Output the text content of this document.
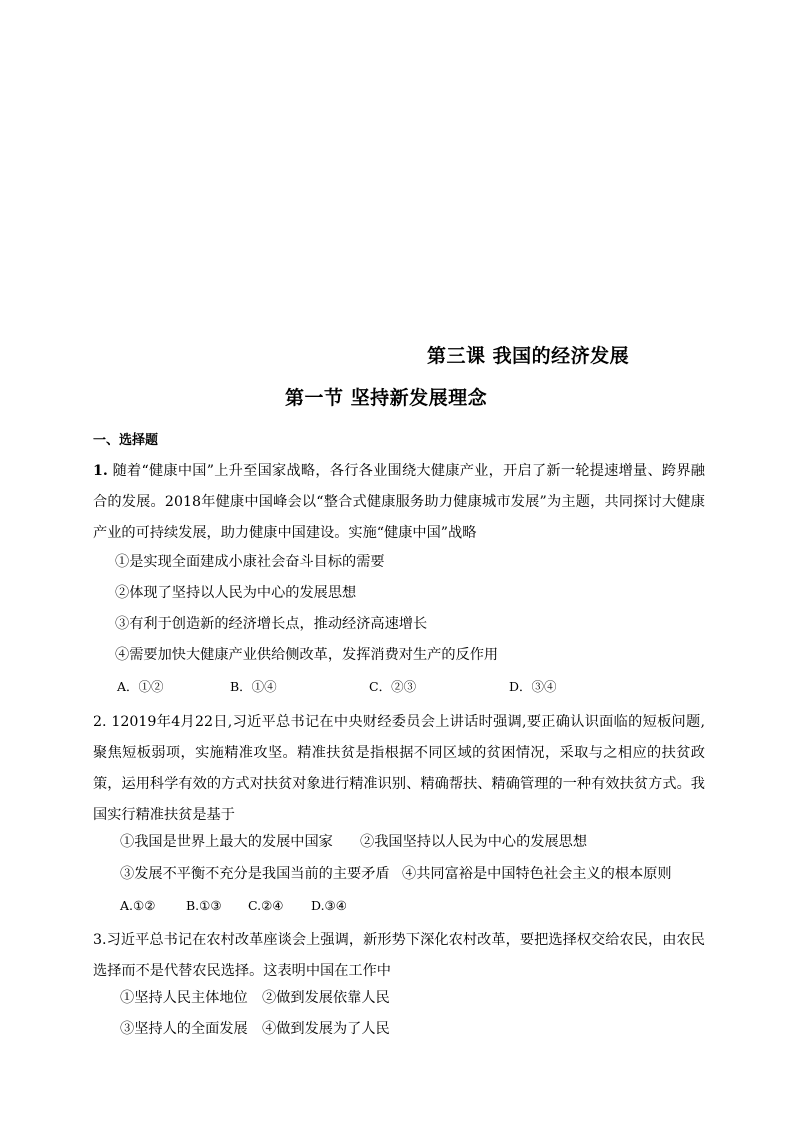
第三课 我国的经济发展
第一节 坚持新发展理念
一、选择题
1. 随着“健康中国”上升至国家战略，各行各业围绕大健康产业，开启了新一轮提速增量、跨界融合的发展。2018年健康中国峰会以“整合式健康服务助力健康城市发展”为主题，共同探讨大健康产业的可持续发展，助力健康中国建设。实施“健康中国”战略
①是实现全面建成小康社会奋斗目标的需要
②体现了坚持以人民为中心的发展思想
③有利于创造新的经济增长点，推动经济高速增长
④需要加快大健康产业供给侧改革，发挥消费对生产的反作用
A．①②	B．①④	C．②③	D．③④
2. 12019年4月22日,习近平总书记在中央财经委员会上讲话时强调,要正确认识面临的短板问题,聚焦短板弱项，实施精准攻坚。精准扶贫是指根据不同区域的贫困情况，采取与之相应的扶贫政策，运用科学有效的方式对扶贫对象进行精准识别、精确帮扶、精确管理的一种有效扶贫方式。我国实行精准扶贫是基于
①我国是世界上最大的发展中国家 ②我国坚持以人民为中心的发展思想
③发展不平衡不充分是我国当前的主要矛盾 ④共同富裕是中国特色社会主义的根本原则
A.①② B.①③ C.②④ D.③④
3.习近平总书记在农村改革座谈会上强调，新形势下深化农村改革，要把选择权交给农民，由农民选择而不是代替农民选择。这表明中国在工作中
①坚持人民主体地位 ②做到发展依靠人民
③坚持人的全面发展 ④做到发展为了人民
